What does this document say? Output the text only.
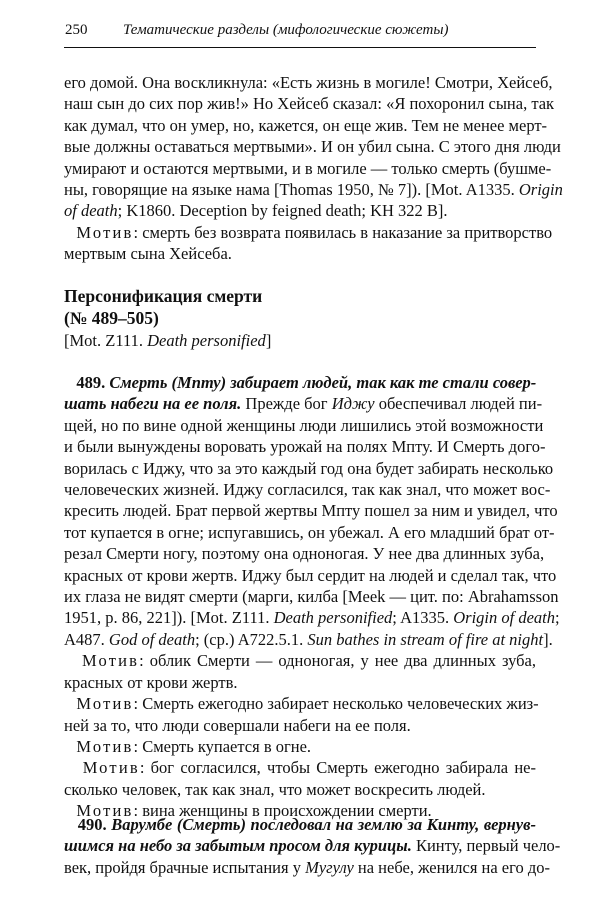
250 Тематические разделы (мифологические сюжеты)
его домой. Она воскликнула: «Есть жизнь в могиле! Смотри, Хейсеб,
наш сын до сих пор жив!» Но Хейсеб сказал: «Я похоронил сына, так
как думал, что он умер, но, кажется, он еще жив. Тем не менее мерт-
вые должны оставаться мертвыми». И он убил сына. С этого дня люди
умирают и остаются мертвыми, и в могиле — только смерть (бушме-
ны, говорящие на языке нама [Thomas 1950, № 7]). [Mot. A1335. Origin
of death; K1860. Deception by feigned death; KH 322 B].
Мотив: смерть без возврата появилась в наказание за притворство
мертвым сына Хейсеба.
Персонификация смерти
(№ 489–505)
[Mot. Z111. Death personified]
489. Смерть (Мпту) забирает людей, так как те стали совер-
шать набеги на ее поля. Прежде бог Иджу обеспечивал людей пи-
щей, но по вине одной женщины люди лишились этой возможности
и были вынуждены воровать урожай на полях Мпту. И Смерть дого-
ворилась с Иджу, что за это каждый год она будет забирать несколько
человеческих жизней. Иджу согласился, так как знал, что может вос-
кресить людей. Брат первой жертвы Мпту пошел за ним и увидел, что
тот купается в огне; испугавшись, он убежал. А его младший брат от-
резал Смерти ногу, поэтому она одноногая. У нее два длинных зуба,
красных от крови жертв. Иджу был сердит на людей и сделал так, что
их глаза не видят смерти (марги, килба [Meek — цит. по: Abrahamsson
1951, p. 86, 221]). [Mot. Z111. Death personified; A1335. Origin of death;
A487. God of death; (ср.) A722.5.1. Sun bathes in stream of fire at night].
Мотив: облик Смерти — одноногая, у нее два длинных зуба,
красных от крови жертв.
Мотив: Смерть ежегодно забирает несколько человеческих жиз-
ней за то, что люди совершали набеги на ее поля.
Мотив: Смерть купается в огне.
Мотив: бог согласился, чтобы Смерть ежегодно забирала не-
сколько человек, так как знал, что может воскресить людей.
Мотив: вина женщины в происхождении смерти.
490. Варумбе (Смерть) последовал на землю за Кинту, вернув-
шимся на небо за забытым просом для курицы. Кинту, первый чело-
век, пройдя брачные испытания у Мугулу на небе, женился на его до-
